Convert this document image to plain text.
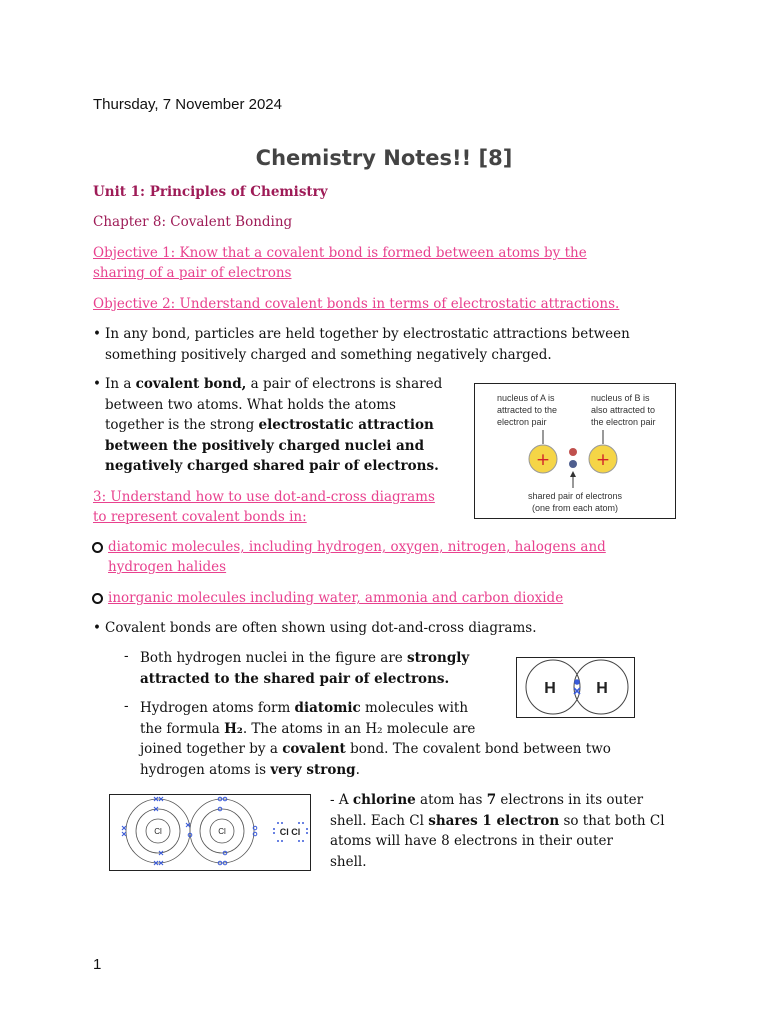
Thursday, 7 November 2024
Chemistry Notes!! [8]
Unit 1: Principles of Chemistry
Chapter 8: Covalent Bonding
Objective 1: Know that a covalent bond is formed between atoms by the
sharing of a pair of electrons
Objective 2: Understand covalent bonds in terms of electrostatic attractions.
• In any bond, particles are held together by electrostatic attractions between
something positively charged and something negatively charged.
• In a covalent bond, a pair of electrons is shared
between two atoms. What holds the atoms
together is the strong electrostatic attraction
between the positively charged nuclei and
negatively charged shared pair of electrons.
nucleus of A is
attracted to the
electron pair
nucleus of B is
also attracted to
the electron pair
shared pair of electrons
(one from each atom)
+	+
3: Understand how to use dot-and-cross diagrams
to represent covalent bonds in:
diatomic molecules, including hydrogen, oxygen, nitrogen, halogens and
hydrogen halides
inorganic molecules including water, ammonia and carbon dioxide
• Covalent bonds are often shown using dot-and-cross diagrams.
- Both hydrogen nuclei in the figure are strongly
attracted to the shared pair of electrons.
H	H
- Hydrogen atoms form diatomic molecules with
the formula H₂. The atoms in an H₂ molecule are
joined together by a covalent bond. The covalent bond between two
hydrogen atoms is very strong.
Cl	Cl	Cl Cl
- A chlorine atom has 7 electrons in its outer
shell. Each Cl shares 1 electron so that both Cl
atoms will have 8 electrons in their outer
shell.
1
